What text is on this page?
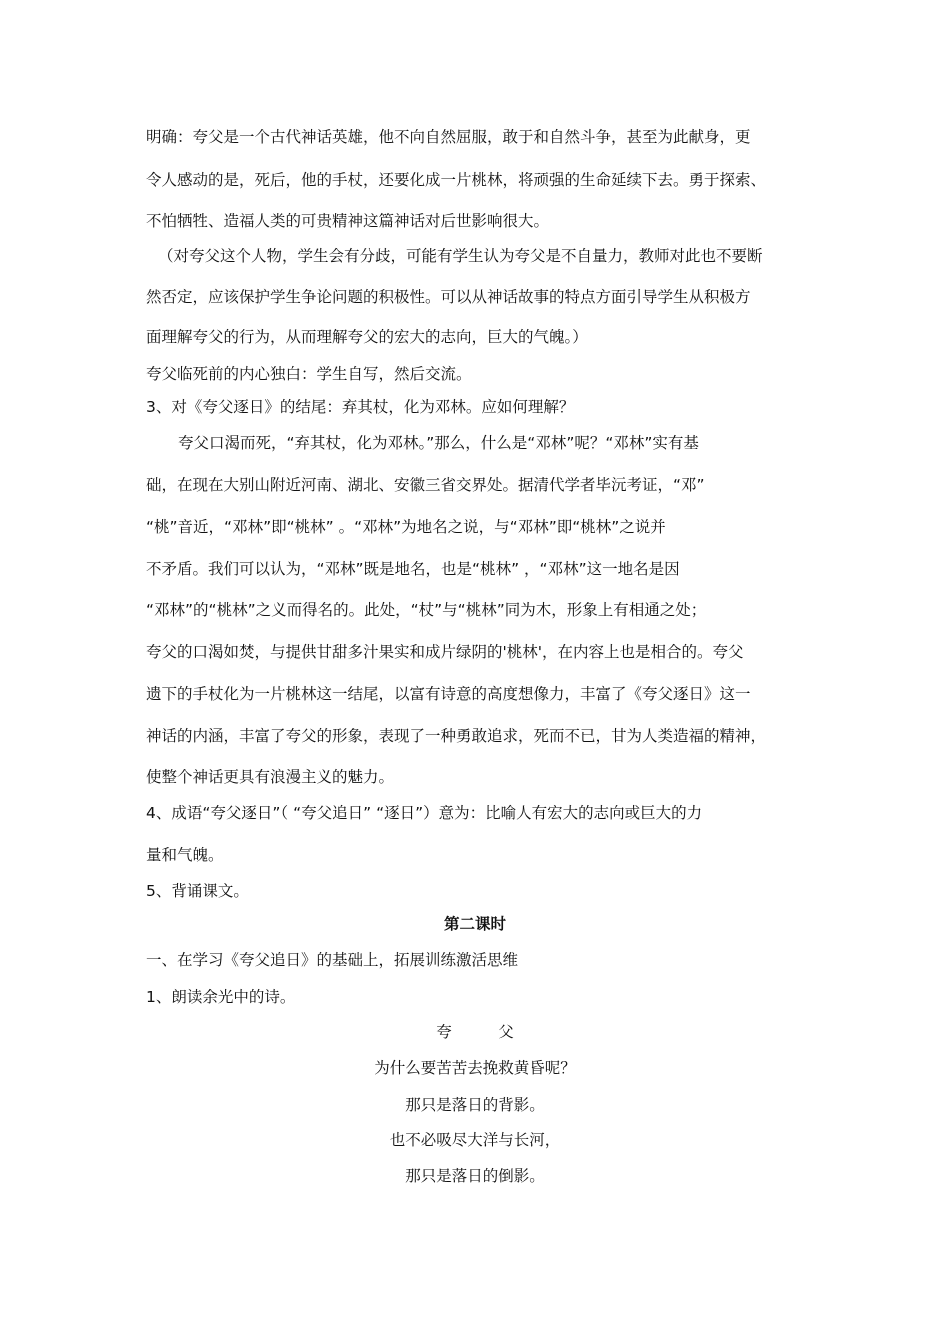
明确：夸父是一个古代神话英雄，他不向自然屈服，敢于和自然斗争，甚至为此献身，更
令人感动的是，死后，他的手杖，还要化成一片桃林，将顽强的生命延续下去。勇于探索、
不怕牺牲、造福人类的可贵精神这篇神话对后世影响很大。
（对夸父这个人物，学生会有分歧，可能有学生认为夸父是不自量力，教师对此也不要断
然否定，应该保护学生争论问题的积极性。可以从神话故事的特点方面引导学生从积极方
面理解夸父的行为，从而理解夸父的宏大的志向，巨大的气魄。）
夸父临死前的内心独白：学生自写，然后交流。
3、对《夸父逐日》的结尾：弃其杖，化为邓林。应如何理解？
夸父口渴而死，“弃其杖，化为邓林。”那么，什么是“邓林”呢？“邓林”实有基
础，在现在大别山附近河南、湖北、安徽三省交界处。据清代学者毕沅考证，“邓”
“桃”音近，“邓林”即“桃林” 。“邓林”为地名之说，与“邓林”即“桃林”之说并
不矛盾。我们可以认为，“邓林”既是地名，也是“桃林” ，“邓林”这一地名是因
“邓林”的“桃林”之义而得名的。此处，“杖”与“桃林”同为木，形象上有相通之处；
夸父的口渴如焚，与提供甘甜多汁果实和成片绿阴的'桃林'，在内容上也是相合的。夸父
遗下的手杖化为一片桃林这一结尾，以富有诗意的高度想像力，丰富了《夸父逐日》这一
神话的内涵，丰富了夸父的形象，表现了一种勇敢追求，死而不已，甘为人类造福的精神，
使整个神话更具有浪漫主义的魅力。
4、成语“夸父逐日”（ “夸父追日” “逐日”）意为：比喻人有宏大的志向或巨大的力
量和气魄。
5、背诵课文。
第二课时
一、在学习《夸父追日》的基础上，拓展训练激活思维
1、朗读余光中的诗。
夸　　　父
为什么要苦苦去挽救黄昏呢？
那只是落日的背影。
也不必吸尽大洋与长河，
那只是落日的倒影。
